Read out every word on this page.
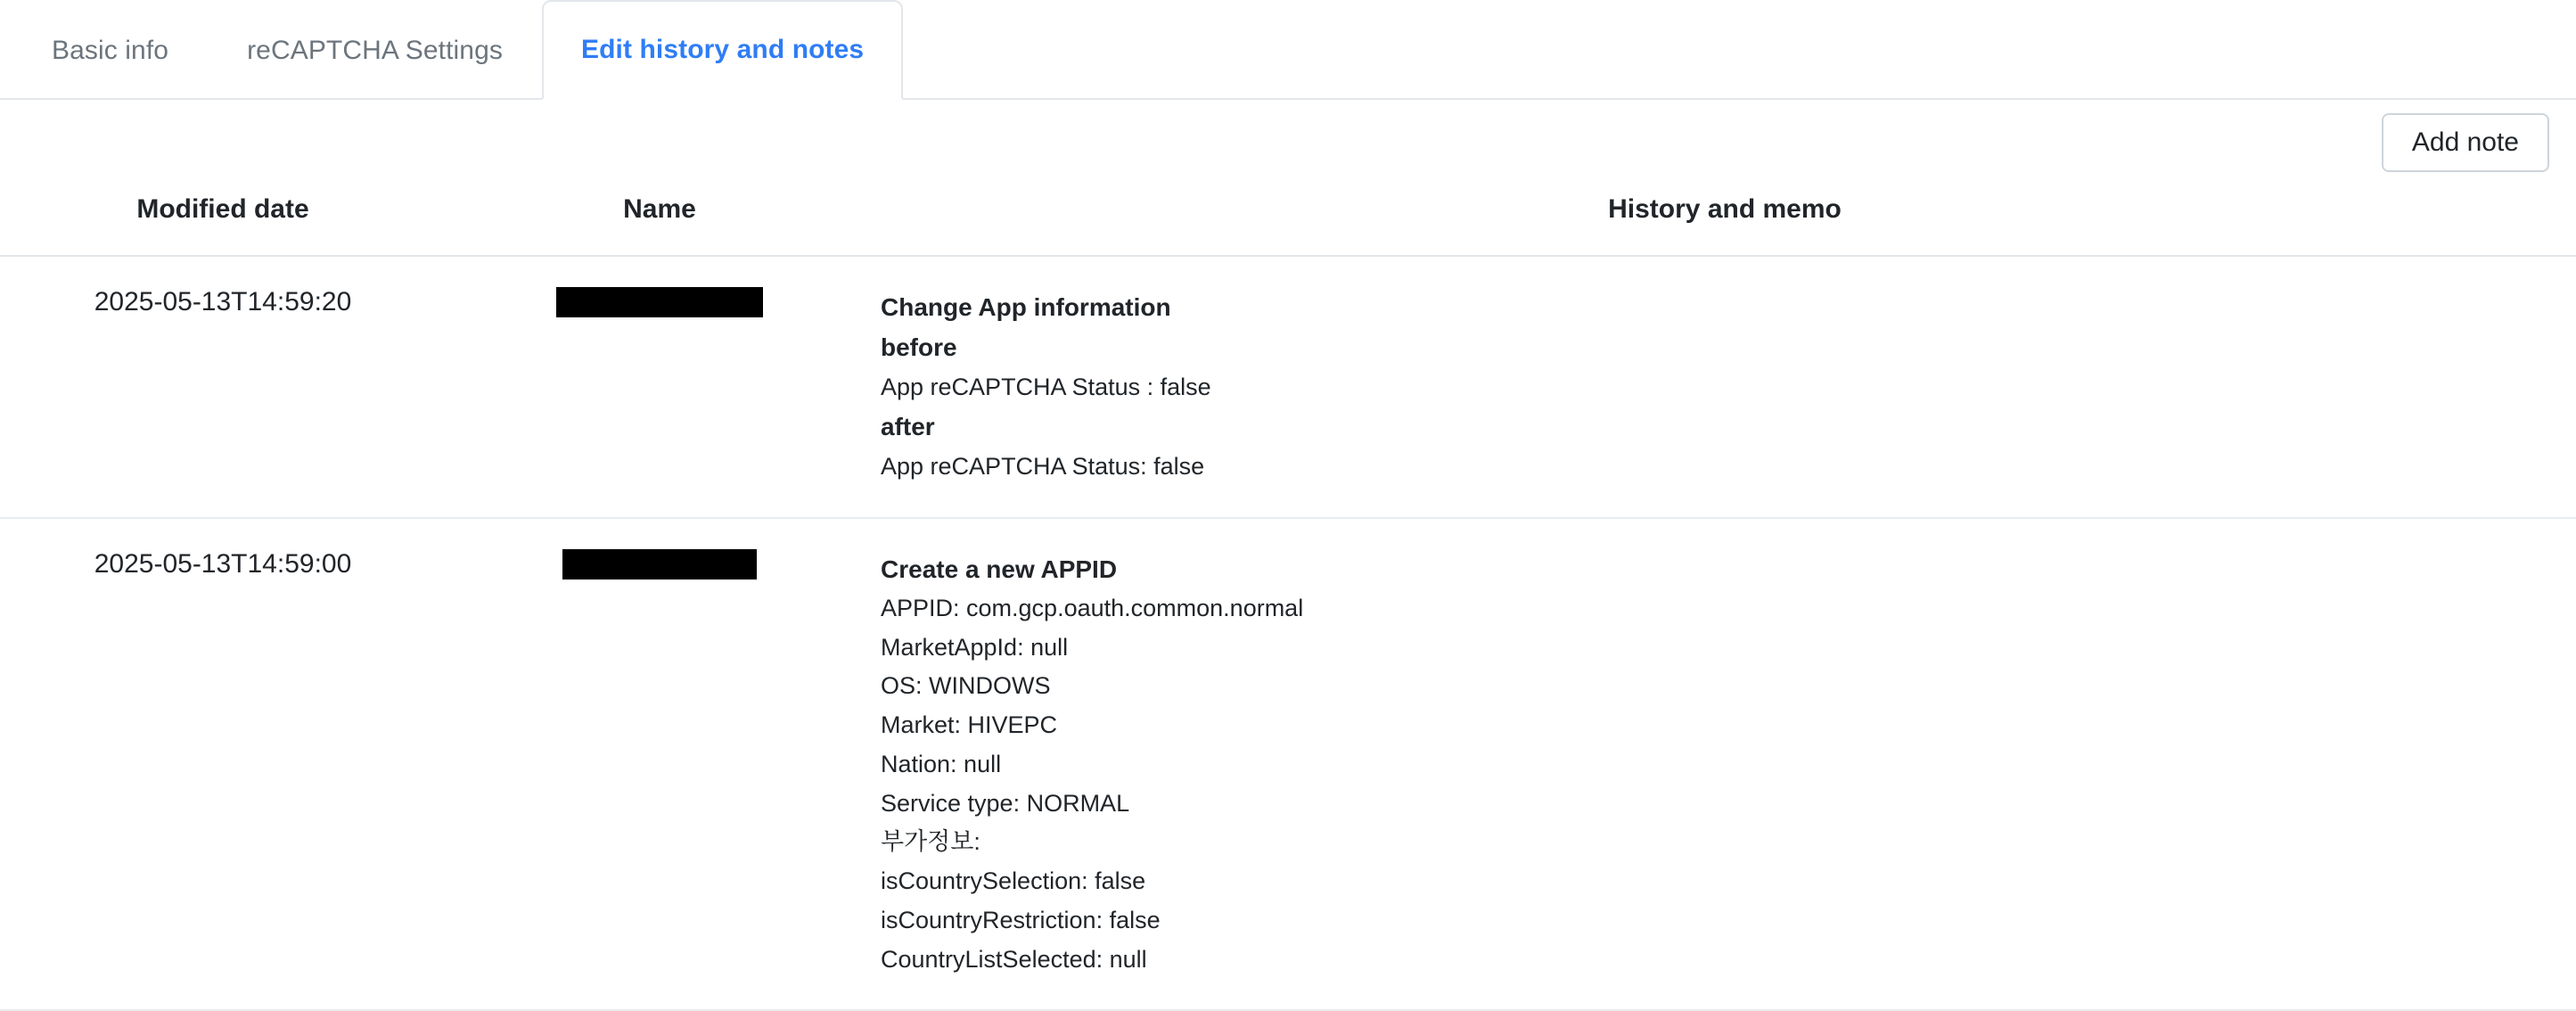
Basic info	reCAPTCHA Settings	Edit history and notes
Add note
Modified date	Name	History and memo
2025-05-13T14:59:20		Change App information
before
App reCAPTCHA Status : false
after
App reCAPTCHA Status: false

2025-05-13T14:59:00		Create a new APPID
APPID: com.gcp.oauth.common.normal
MarketAppId: null
OS: WINDOWS
Market: HIVEPC
Nation: null
Service type: NORMAL
부가정보:
isCountrySelection: false
isCountryRestriction: false
CountryListSelected: null
